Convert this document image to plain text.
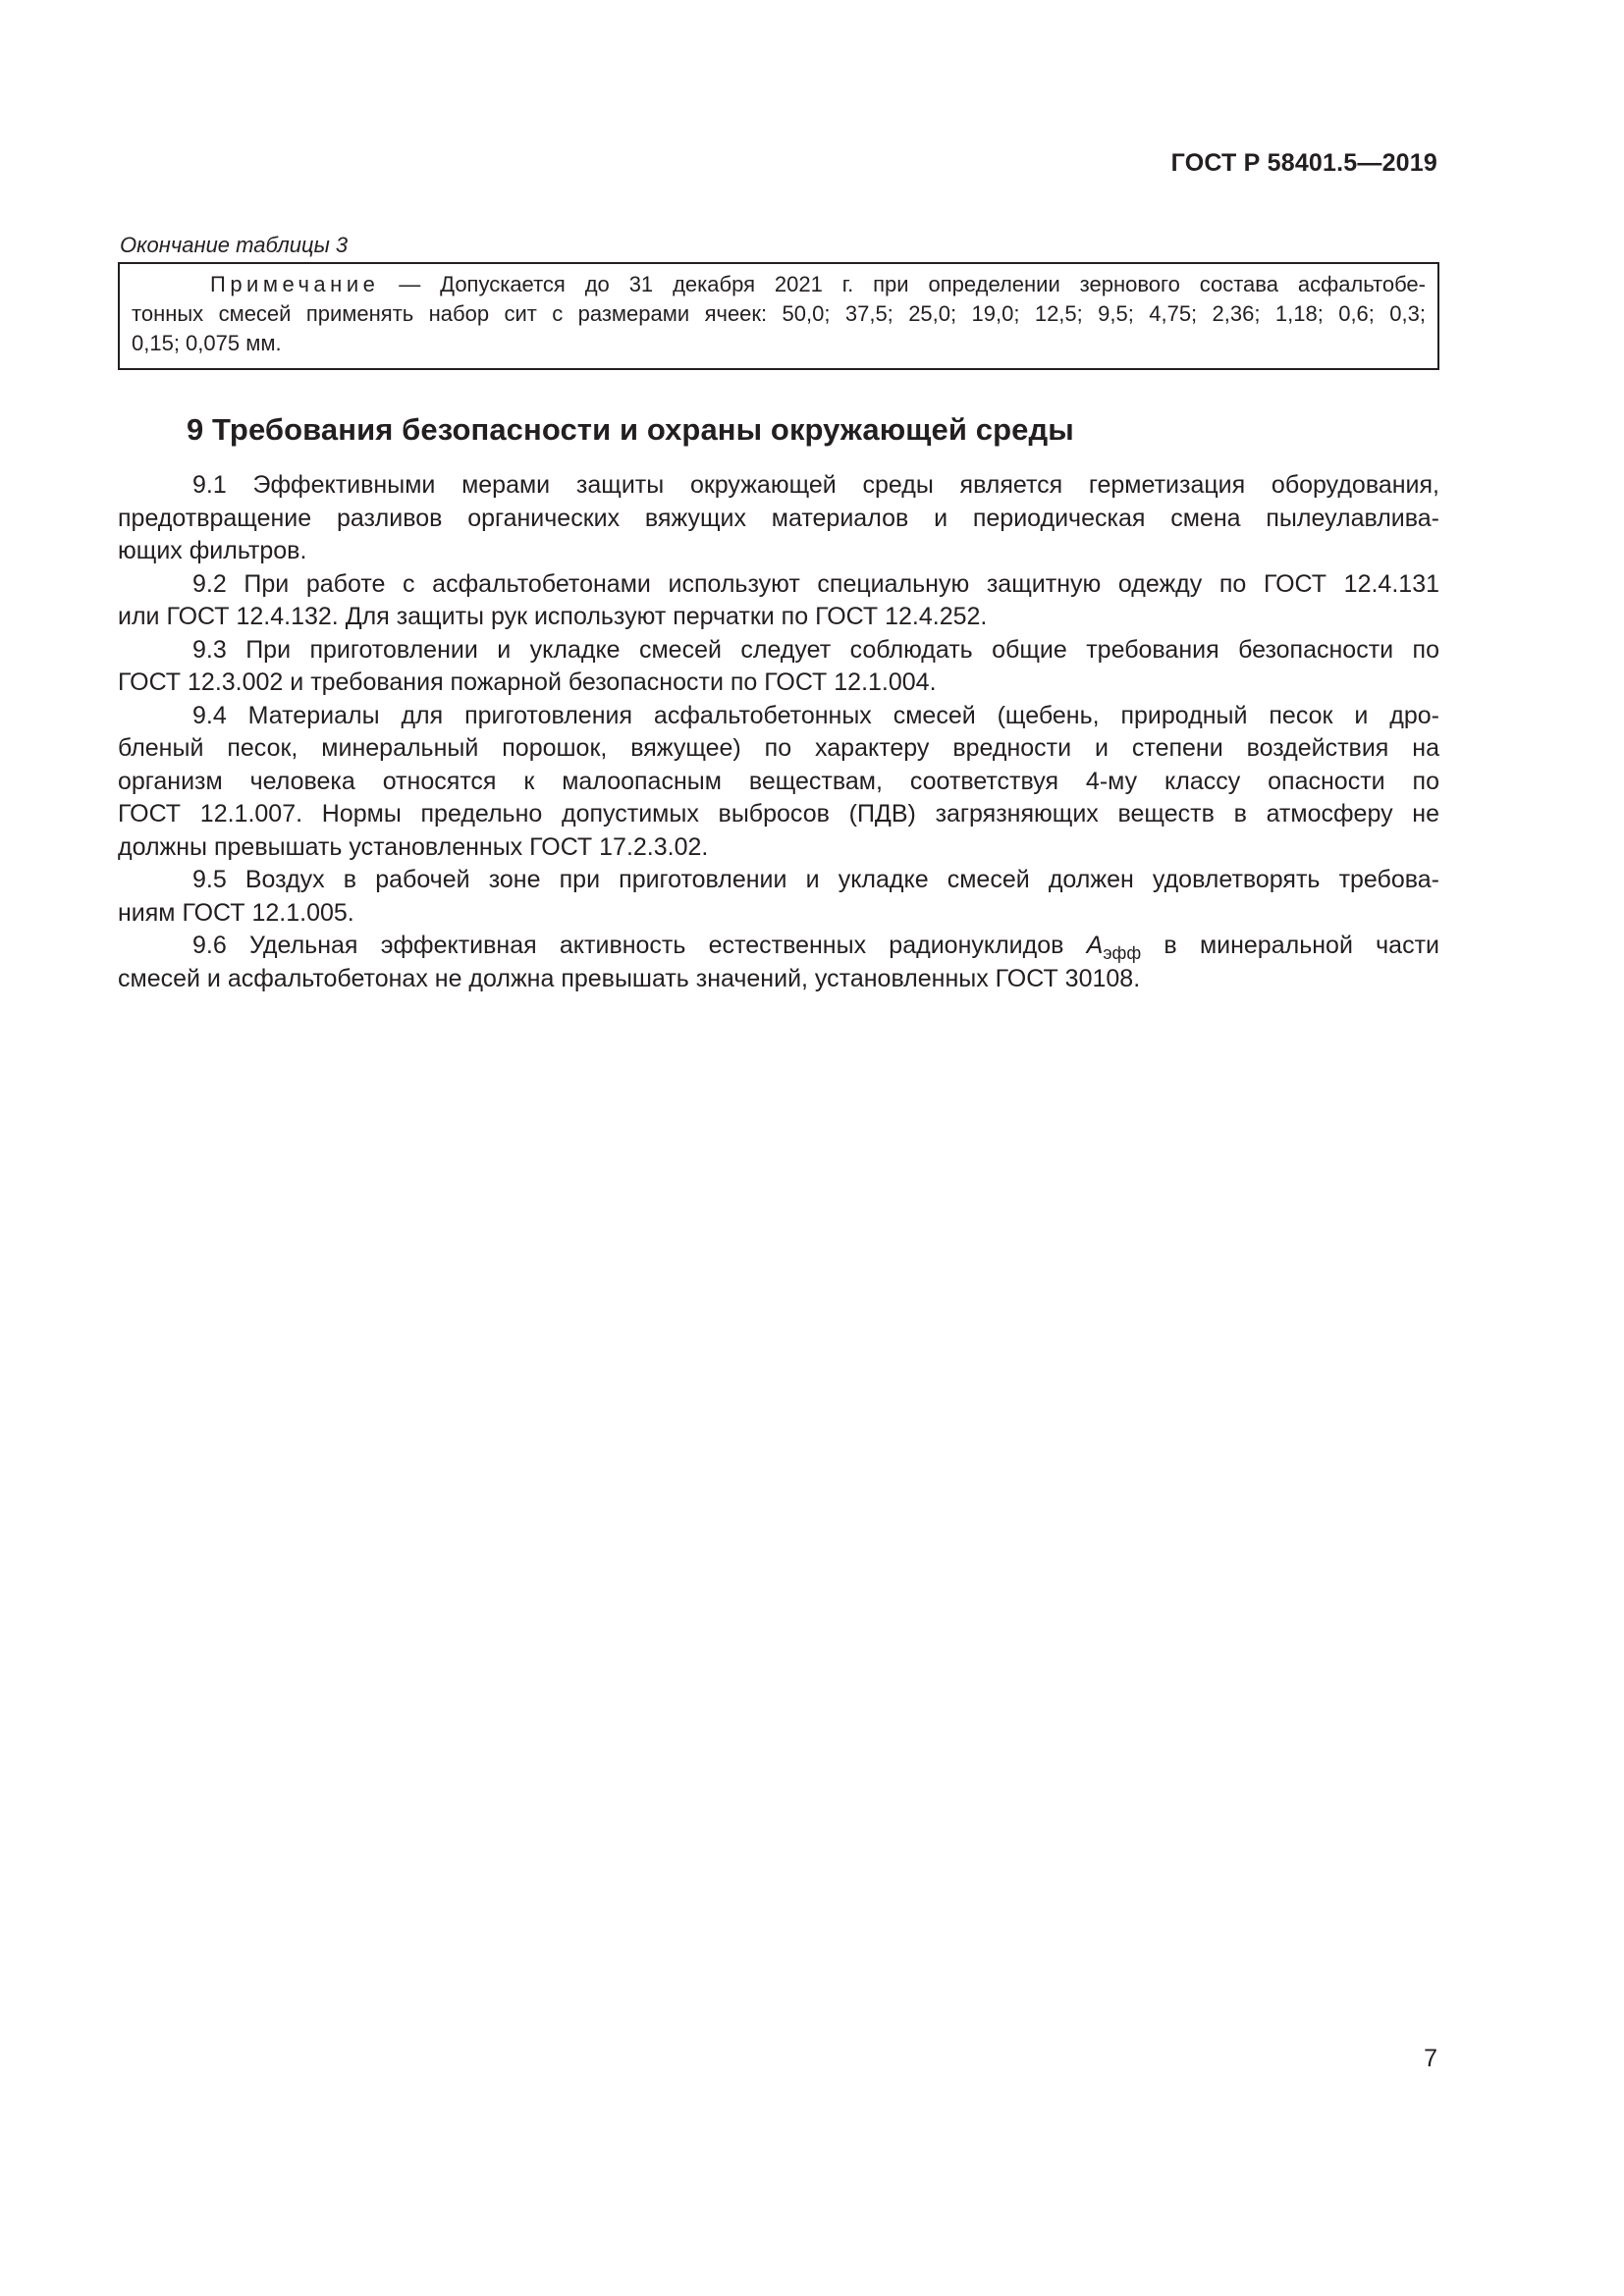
ГОСТ Р 58401.5—2019
Окончание таблицы 3
Примечание — Допускается до 31 декабря 2021 г. при определении зернового состава асфальтобе-
тонных смесей применять набор сит с размерами ячеек: 50,0; 37,5; 25,0; 19,0; 12,5; 9,5; 4,75; 2,36; 1,18; 0,6; 0,3;
0,15; 0,075 мм.
9 Требования безопасности и охраны окружающей среды
9.1 Эффективными мерами защиты окружающей среды является герметизация оборудования,
предотвращение разливов органических вяжущих материалов и периодическая смена пылеулавлива-
ющих фильтров.
9.2 При работе с асфальтобетонами используют специальную защитную одежду по ГОСТ 12.4.131
или ГОСТ 12.4.132. Для защиты рук используют перчатки по ГОСТ 12.4.252.
9.3 При приготовлении и укладке смесей следует соблюдать общие требования безопасности по
ГОСТ 12.3.002 и требования пожарной безопасности по ГОСТ 12.1.004.
9.4 Материалы для приготовления асфальтобетонных смесей (щебень, природный песок и дро-
бленый песок, минеральный порошок, вяжущее) по характеру вредности и степени воздействия на
организм человека относятся к малоопасным веществам, соответствуя 4-му классу опасности по
ГОСТ 12.1.007. Нормы предельно допустимых выбросов (ПДВ) загрязняющих веществ в атмосферу не
должны превышать установленных ГОСТ 17.2.3.02.
9.5 Воздух в рабочей зоне при приготовлении и укладке смесей должен удовлетворять требова-
ниям ГОСТ 12.1.005.
9.6 Удельная эффективная активность естественных радионуклидов $A_{эфф}$ в минеральной части
смесей и асфальтобетонах не должна превышать значений, установленных ГОСТ 30108.
7
